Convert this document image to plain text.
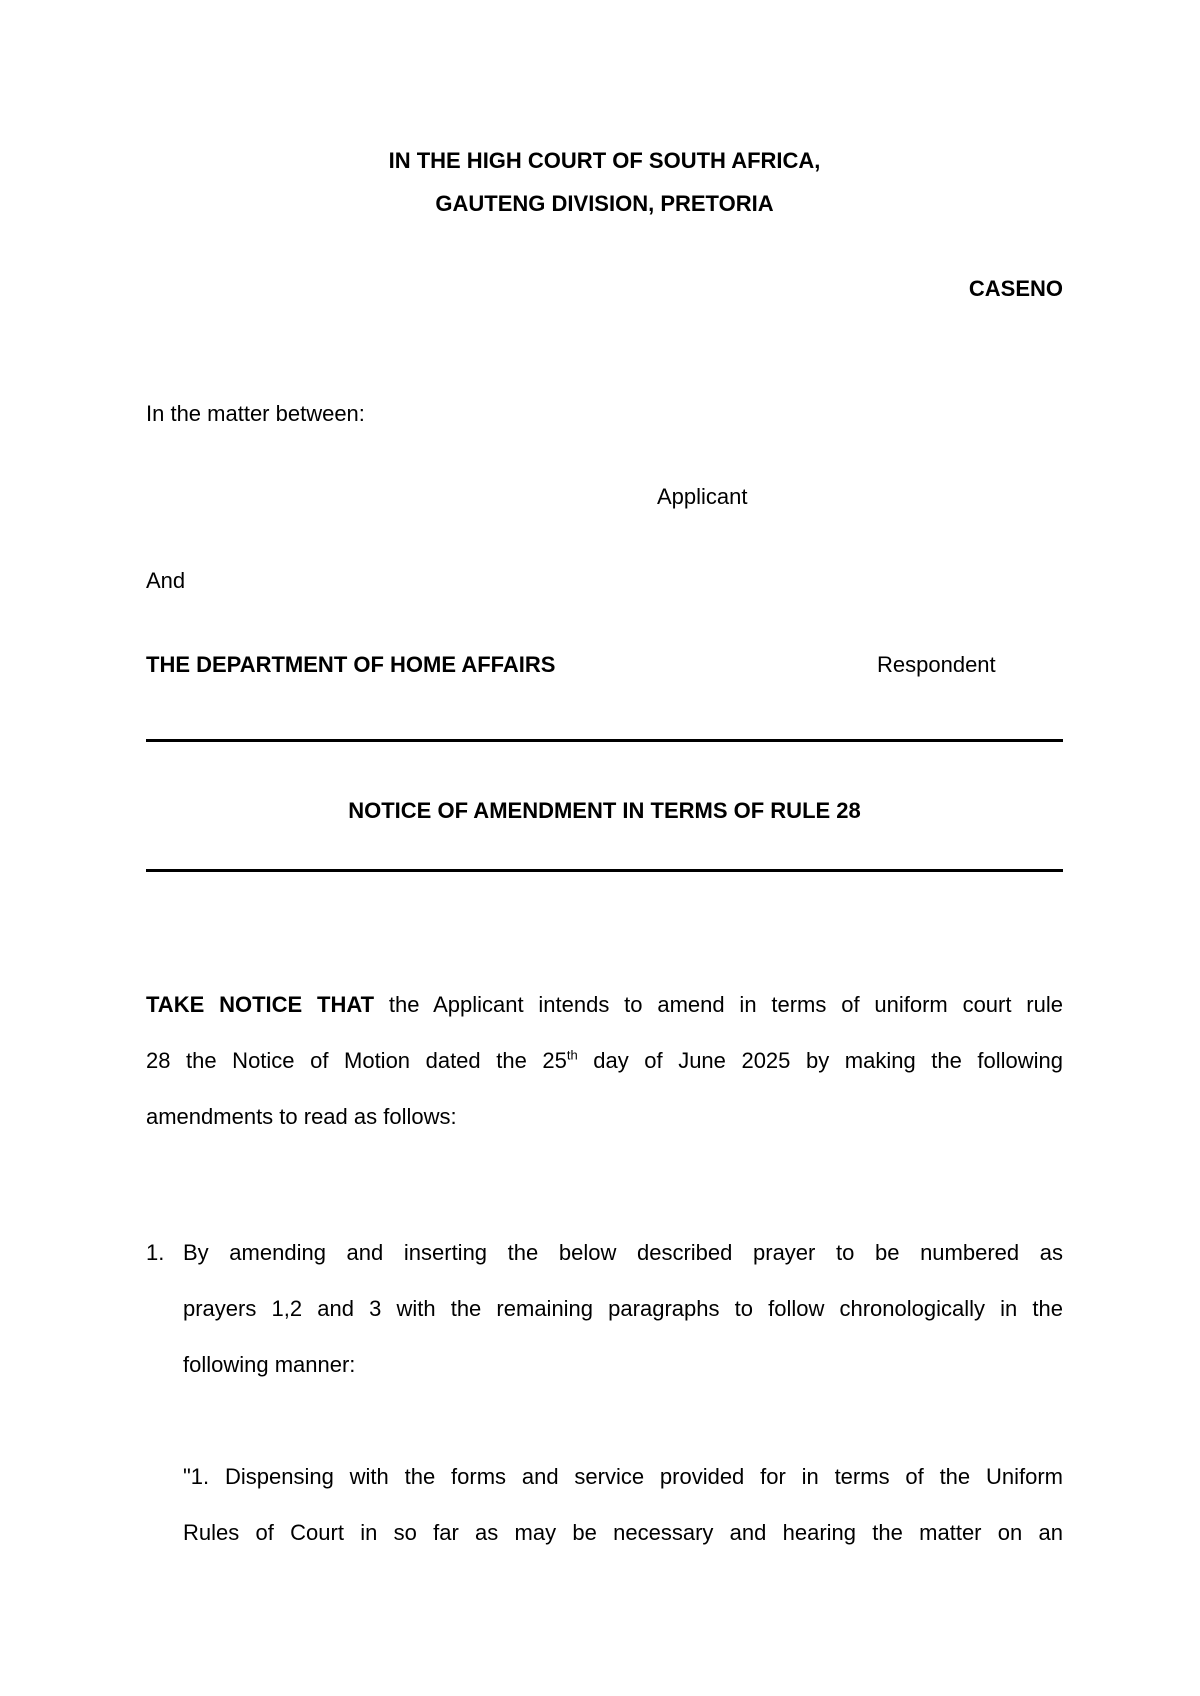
IN THE HIGH COURT OF SOUTH AFRICA,
GAUTENG DIVISION, PRETORIA
CASENO
In the matter between:
Applicant
And
THE DEPARTMENT OF HOME AFFAIRS	Respondent
NOTICE OF AMENDMENT IN TERMS OF RULE 28
TAKE NOTICE THAT the Applicant intends to amend in terms of uniform court rule
28 the Notice of Motion dated the 25th day of June 2025 by making the following
amendments to read as follows:
1. By amending and inserting the below described prayer to be numbered as
prayers 1,2 and 3 with the remaining paragraphs to follow chronologically in the
following manner:
"1. Dispensing with the forms and service provided for in terms of the Uniform
Rules of Court in so far as may be necessary and hearing the matter on an
